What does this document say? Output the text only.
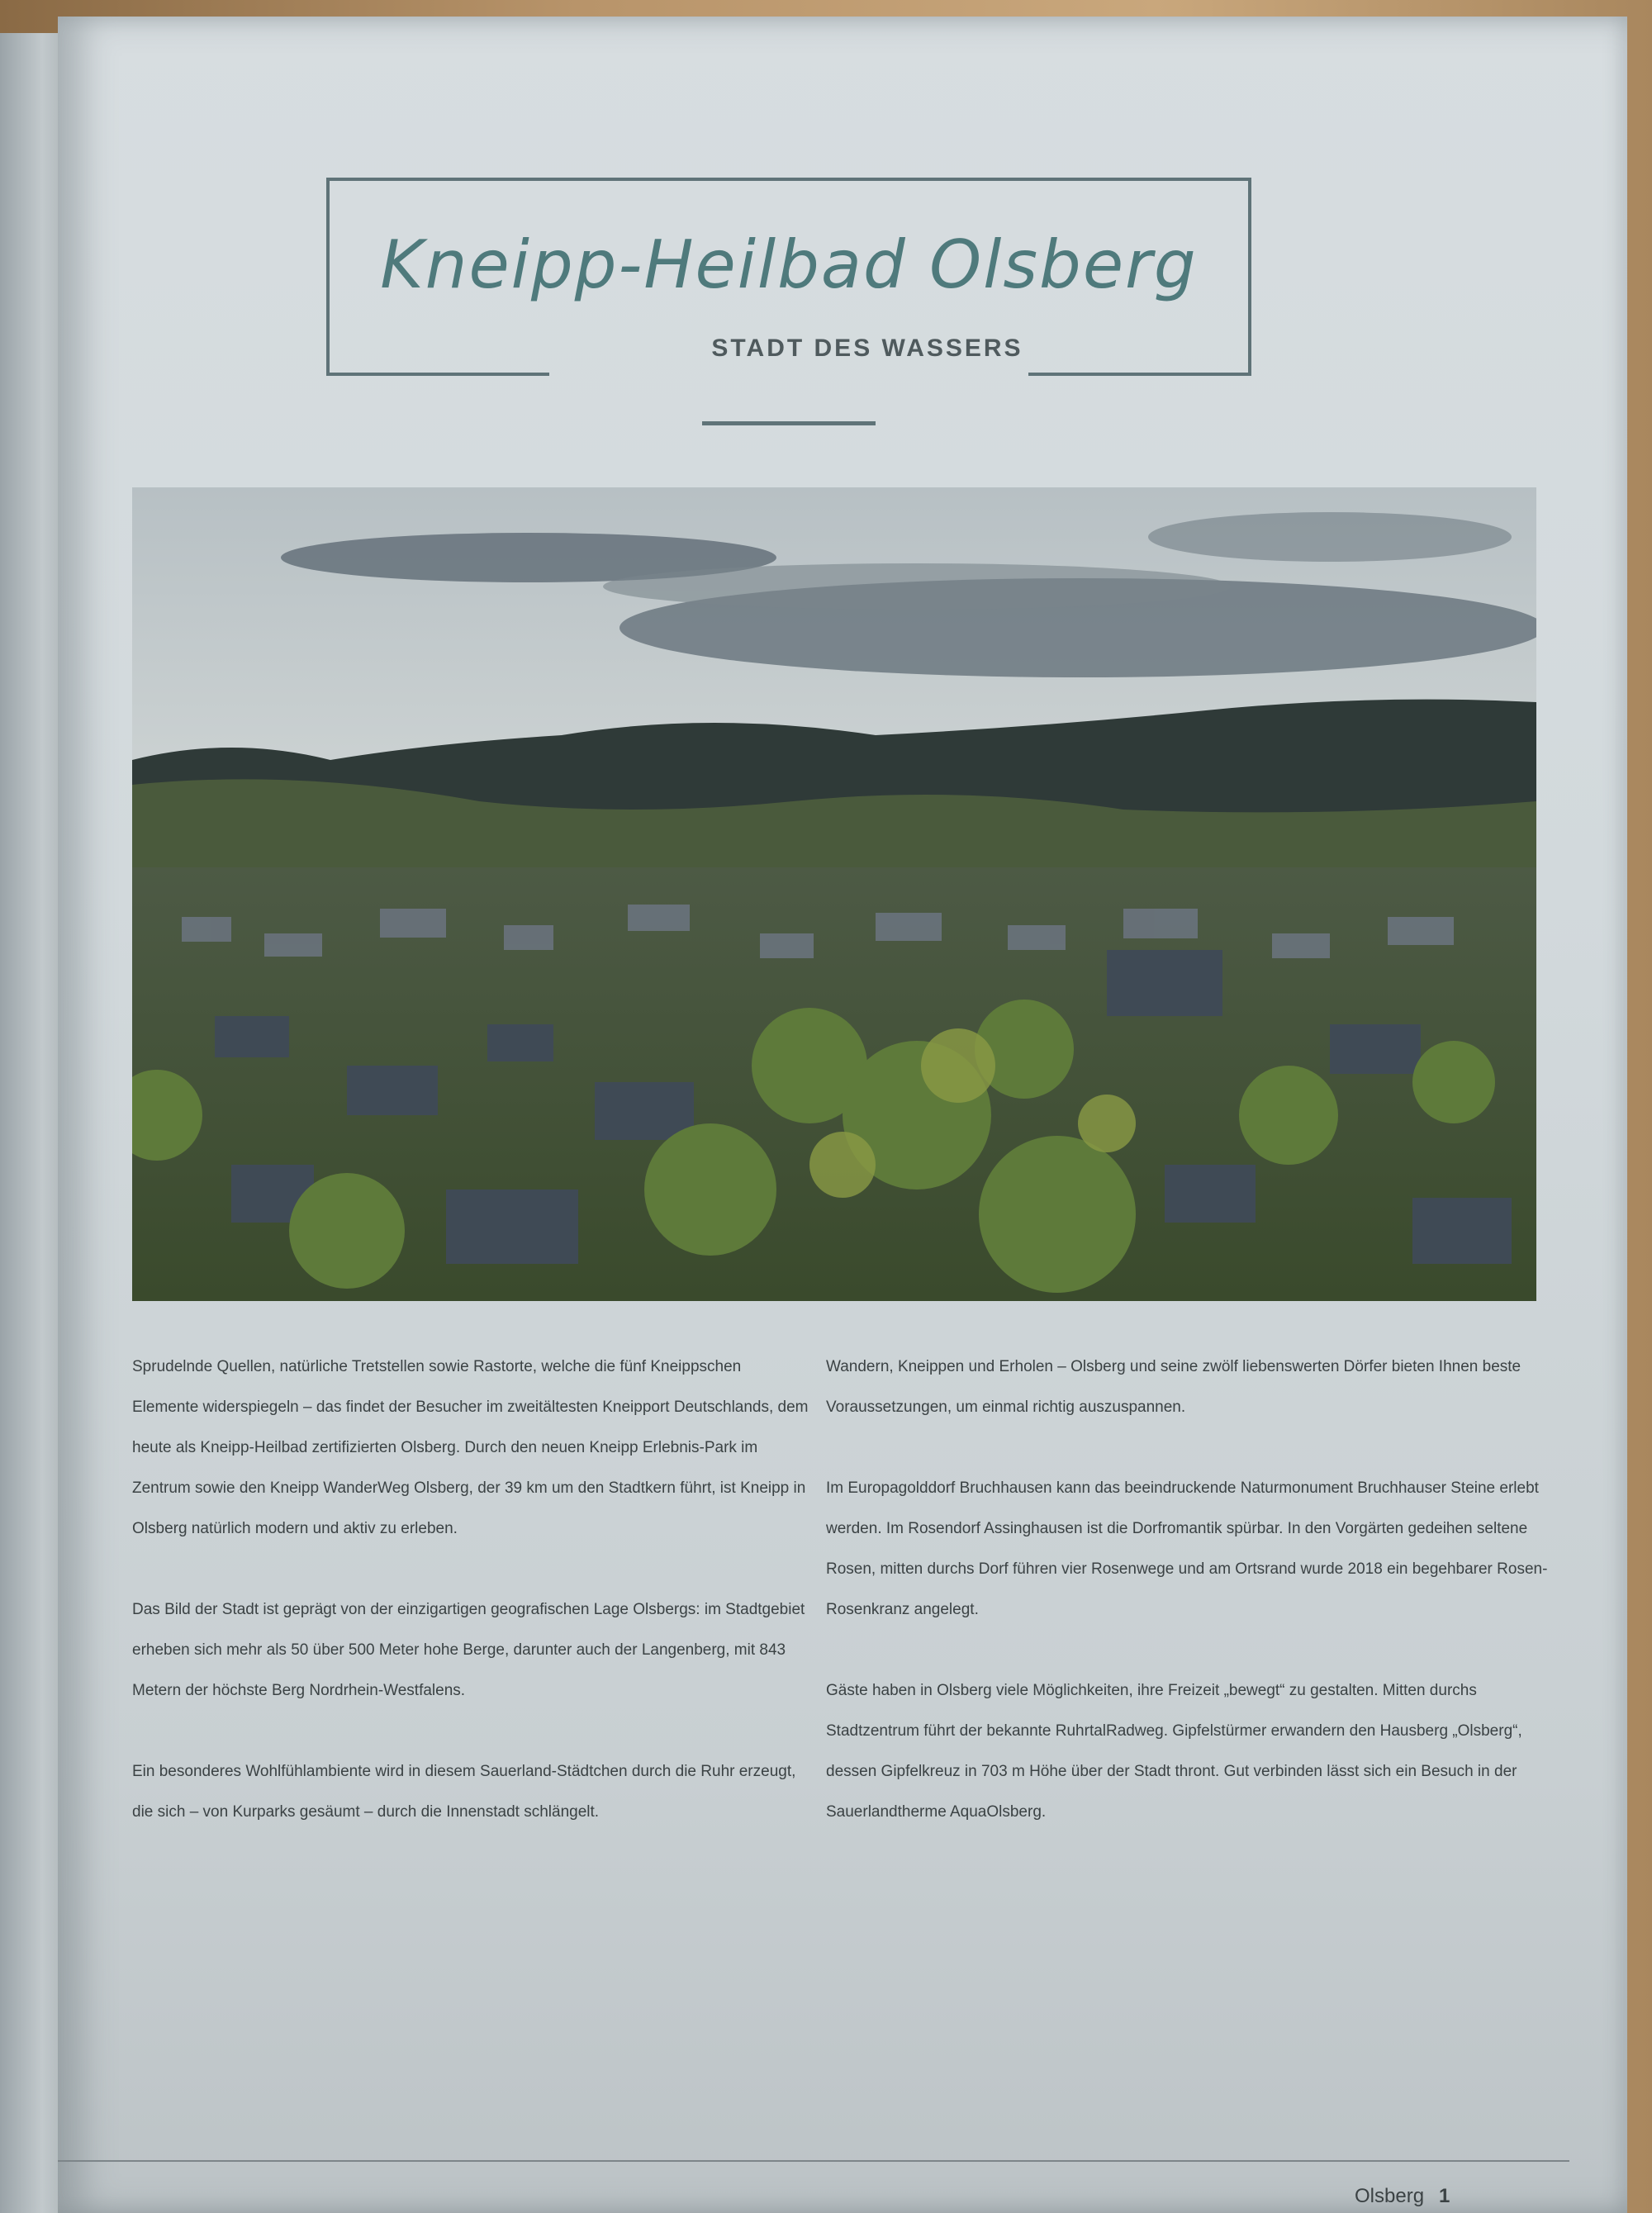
Kneipp-Heilbad Olsberg
STADT DES WASSERS

Sprudelnde Quellen, natürliche Tretstellen sowie Rastorte, welche die fünf Kneippschen Elemente widerspiegeln – das findet der Besucher im zweitältesten Kneipport Deutschlands, dem heute als Kneipp-Heilbad zertifizierten Olsberg. Durch den neuen Kneipp Erlebnis-Park im Zentrum sowie den Kneipp WanderWeg Olsberg, der 39 km um den Stadtkern führt, ist Kneipp in Olsberg natürlich modern und aktiv zu erleben.

Das Bild der Stadt ist geprägt von der einzigartigen geografischen Lage Olsbergs: im Stadtgebiet erheben sich mehr als 50 über 500 Meter hohe Berge, darunter auch der Langenberg, mit 843 Metern der höchste Berg Nordrhein-Westfalens.

Ein besonderes Wohlfühlambiente wird in diesem Sauerland-Städtchen durch die Ruhr erzeugt, die sich – von Kurparks gesäumt – durch die Innenstadt schlängelt.

Wandern, Kneippen und Erholen – Olsberg und seine zwölf liebenswerten Dörfer bieten Ihnen beste Voraussetzungen, um einmal richtig auszuspannen.

Im Europagolddorf Bruchhausen kann das beeindruckende Naturmonument Bruchhauser Steine erlebt werden. Im Rosendorf Assinghausen ist die Dorfromantik spürbar. In den Vorgärten gedeihen seltene Rosen, mitten durchs Dorf führen vier Rosenwege und am Ortsrand wurde 2018 ein begehbarer Rosen-Rosenkranz angelegt.

Gäste haben in Olsberg viele Möglichkeiten, ihre Freizeit „bewegt“ zu gestalten. Mitten durchs Stadtzentrum führt der bekannte RuhrtalRadweg. Gipfelstürmer erwandern den Hausberg „Olsberg“, dessen Gipfelkreuz in 703 m Höhe über der Stadt thront. Gut verbinden lässt sich ein Besuch in der Sauerlandtherme AquaOlsberg.

Olsberg 1
